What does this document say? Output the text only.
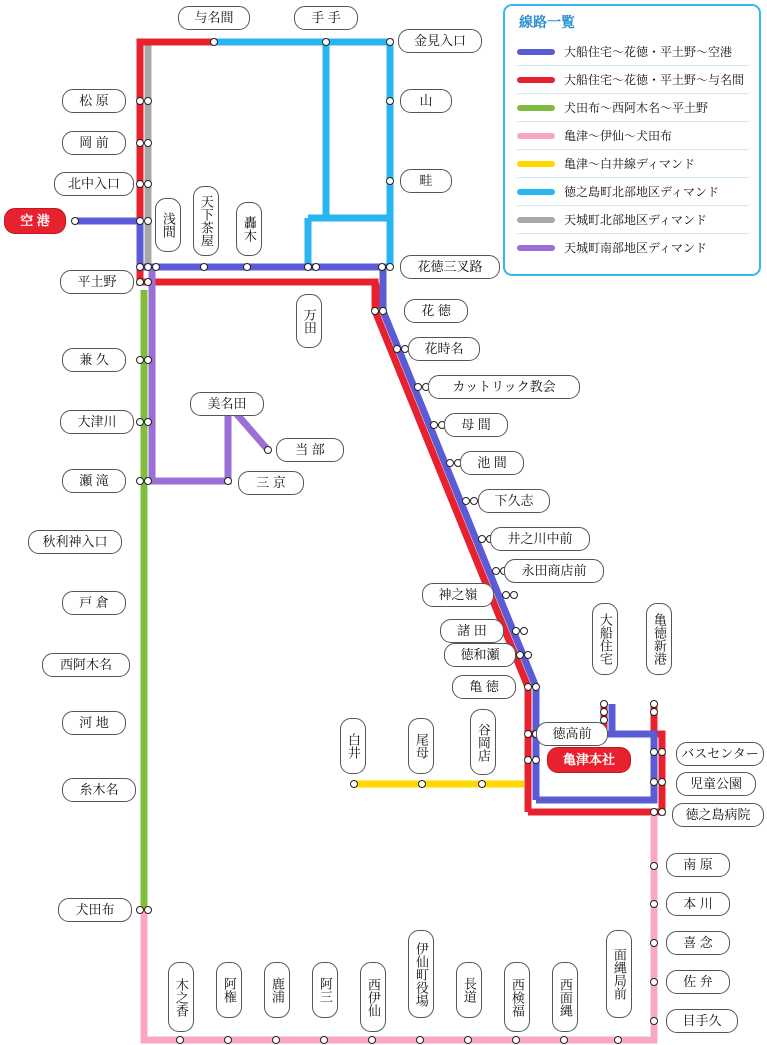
与名間	手 手
金見入口
松 原	山
岡 前
北中入口	畦
天下茶屋
浅間	轟木
空 港
花徳三叉路
平土野
万田	花 徳
花時名
カットリック教会
美名田
母 間
当 部
池 間
大津川
兼 久
瀬 滝	三 京
下久志
秋利神入口	井之川中前
永田商店前
戸 倉
神之嶺
諸 田	大船住宅	亀徳新港
西阿木名
徳和瀬
亀 徳
徳高前
河 地
白井	尾母	谷岡店	バスセンター
亀津本社
児童公園
糸木名
徳之島病院
南 原
本 川
犬田布
喜 念
伊仙町役場	面縄局前	佐 弁
木之香	阿権	鹿浦	阿三	西伊仙	長道	西検福	西面縄
目手久
線路一覧
大船住宅～花徳・平土野～空港
大船住宅～花徳・平土野～与名間
犬田布～西阿木名～平土野
亀津～伊仙～犬田布
亀津～白井線ディマンド
徳之島町北部地区ディマンド
天城町北部地区ディマンド
天城町南部地区ディマンド
